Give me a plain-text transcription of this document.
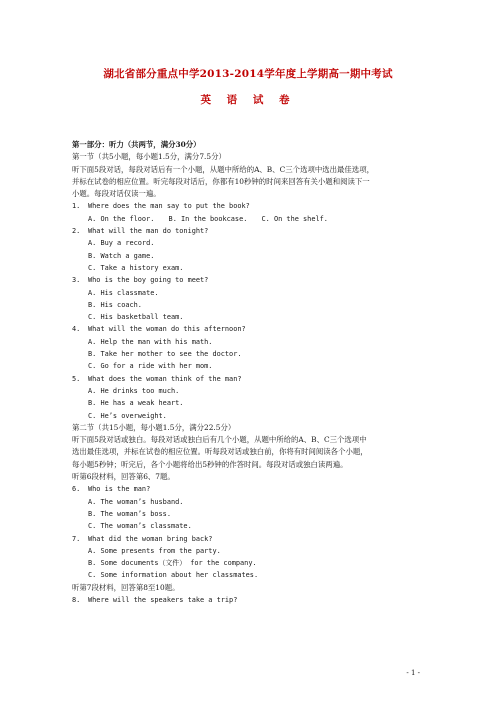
湖北省部分重点中学2013-2014学年度上学期高一期中考试
英 语 试 卷
第一部分：听力（共两节，满分30分）
第一节（共5小题，每小题1.5分，满分7.5分）
听下面5段对话，每段对话后有一个小题，从题中所给的A、B、C三个选项中选出最佳选项，
并标在试卷的相应位置。听完每段对话后，你都有10秒钟的时间来回答有关小题和阅读下一
小题。每段对话仅读一遍。
1. Where does the man say to put the book?
A. On the floor. B. In the bookcase. C. On the shelf.
2. What will the man do tonight?
A. Buy a record.
B. Watch a game.
C. Take a history exam.
3. Who is the boy going to meet?
A. His classmate.
B. His coach.
C. His basketball team.
4. What will the woman do this afternoon?
A. Help the man with his math.
B. Take her mother to see the doctor.
C. Go for a ride with her mom.
5. What does the woman think of the man?
A. He drinks too much.
B. He has a weak heart.
C. He’s overweight.
第二节（共15小题，每小题1.5分，满分22.5分）
听下面5段对话或独白。每段对话或独白后有几个小题，从题中所给的A、B、C三个选项中
选出最佳选项，并标在试卷的相应位置。听每段对话或独白前，你将有时间阅读各个小题，
每小题5秒钟；听完后，各个小题将给出5秒钟的作答时间。每段对话或独白读两遍。
听第6段材料，回答第6、7题。
6. Who is the man?
A. The woman’s husband.
B. The woman’s boss.
C. The woman’s classmate.
7. What did the woman bring back?
A. Some presents from the party.
B. Some documents（文件） for the company.
C. Some information about her classmates.
听第7段材料，回答第8至10题。
8. Where will the speakers take a trip?
- 1 -
